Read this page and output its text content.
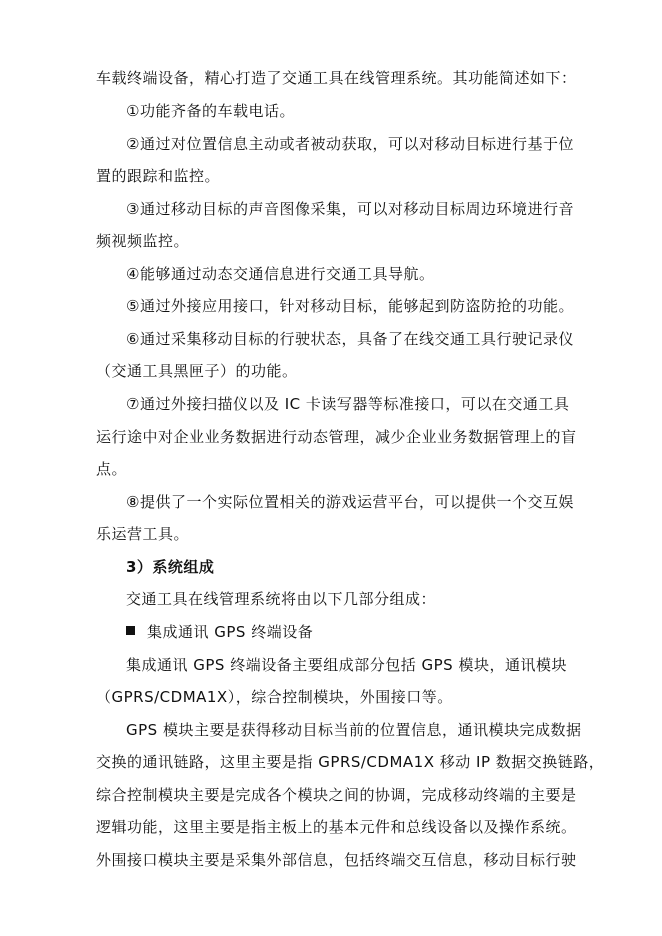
车载终端设备，精心打造了交通工具在线管理系统。其功能简述如下：
①功能齐备的车载电话。
②通过对位置信息主动或者被动获取，可以对移动目标进行基于位
置的跟踪和监控。
③通过移动目标的声音图像采集，可以对移动目标周边环境进行音
频视频监控。
④能够通过动态交通信息进行交通工具导航。
⑤通过外接应用接口，针对移动目标，能够起到防盗防抢的功能。
⑥通过采集移动目标的行驶状态，具备了在线交通工具行驶记录仪
（交通工具黑匣子）的功能。
⑦通过外接扫描仪以及 IC 卡读写器等标准接口，可以在交通工具
运行途中对企业业务数据进行动态管理，减少企业业务数据管理上的盲
点。
⑧提供了一个实际位置相关的游戏运营平台，可以提供一个交互娱
乐运营工具。
3）系统组成
交通工具在线管理系统将由以下几部分组成：
集成通讯 GPS 终端设备
集成通讯 GPS 终端设备主要组成部分包括 GPS 模块，通讯模块
（GPRS/CDMA1X），综合控制模块，外围接口等。
GPS 模块主要是获得移动目标当前的位置信息，通讯模块完成数据
交换的通讯链路，这里主要是指 GPRS/CDMA1X 移动 IP 数据交换链路，
综合控制模块主要是完成各个模块之间的协调，完成移动终端的主要是
逻辑功能，这里主要是指主板上的基本元件和总线设备以及操作系统。
外围接口模块主要是采集外部信息，包括终端交互信息，移动目标行驶
